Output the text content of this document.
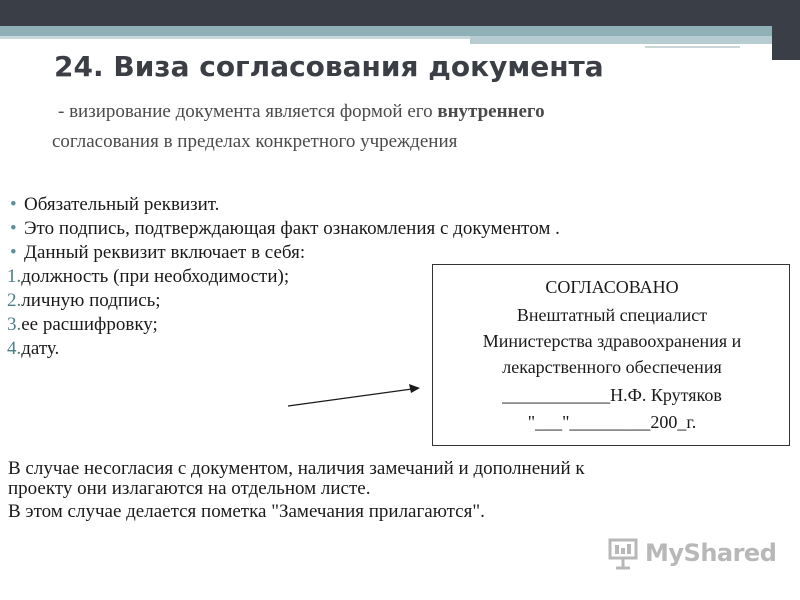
24. Виза согласования документа

- визирование документа является формой его внутреннего
согласования в пределах конкретного учреждения

• Обязательный реквизит.
• Это подпись, подтверждающая факт ознакомления с документом .
• Данный реквизит включает в себя:
1.должность (при необходимости);
2.личную подпись;
3.ее расшифровку;
4.дату.
СОГЛАСОВАНО
Внештатный специалист
Министерства здравоохранения и
лекарственного обеспечения
____________Н.Ф. Крутяков
"___"_________200_г.

В случае несогласия с документом, наличия замечаний и дополнений к

проекту они излагаются на отдельном листе.

В этом случае делается пометка "Замечания прилагаются".

MyShared
